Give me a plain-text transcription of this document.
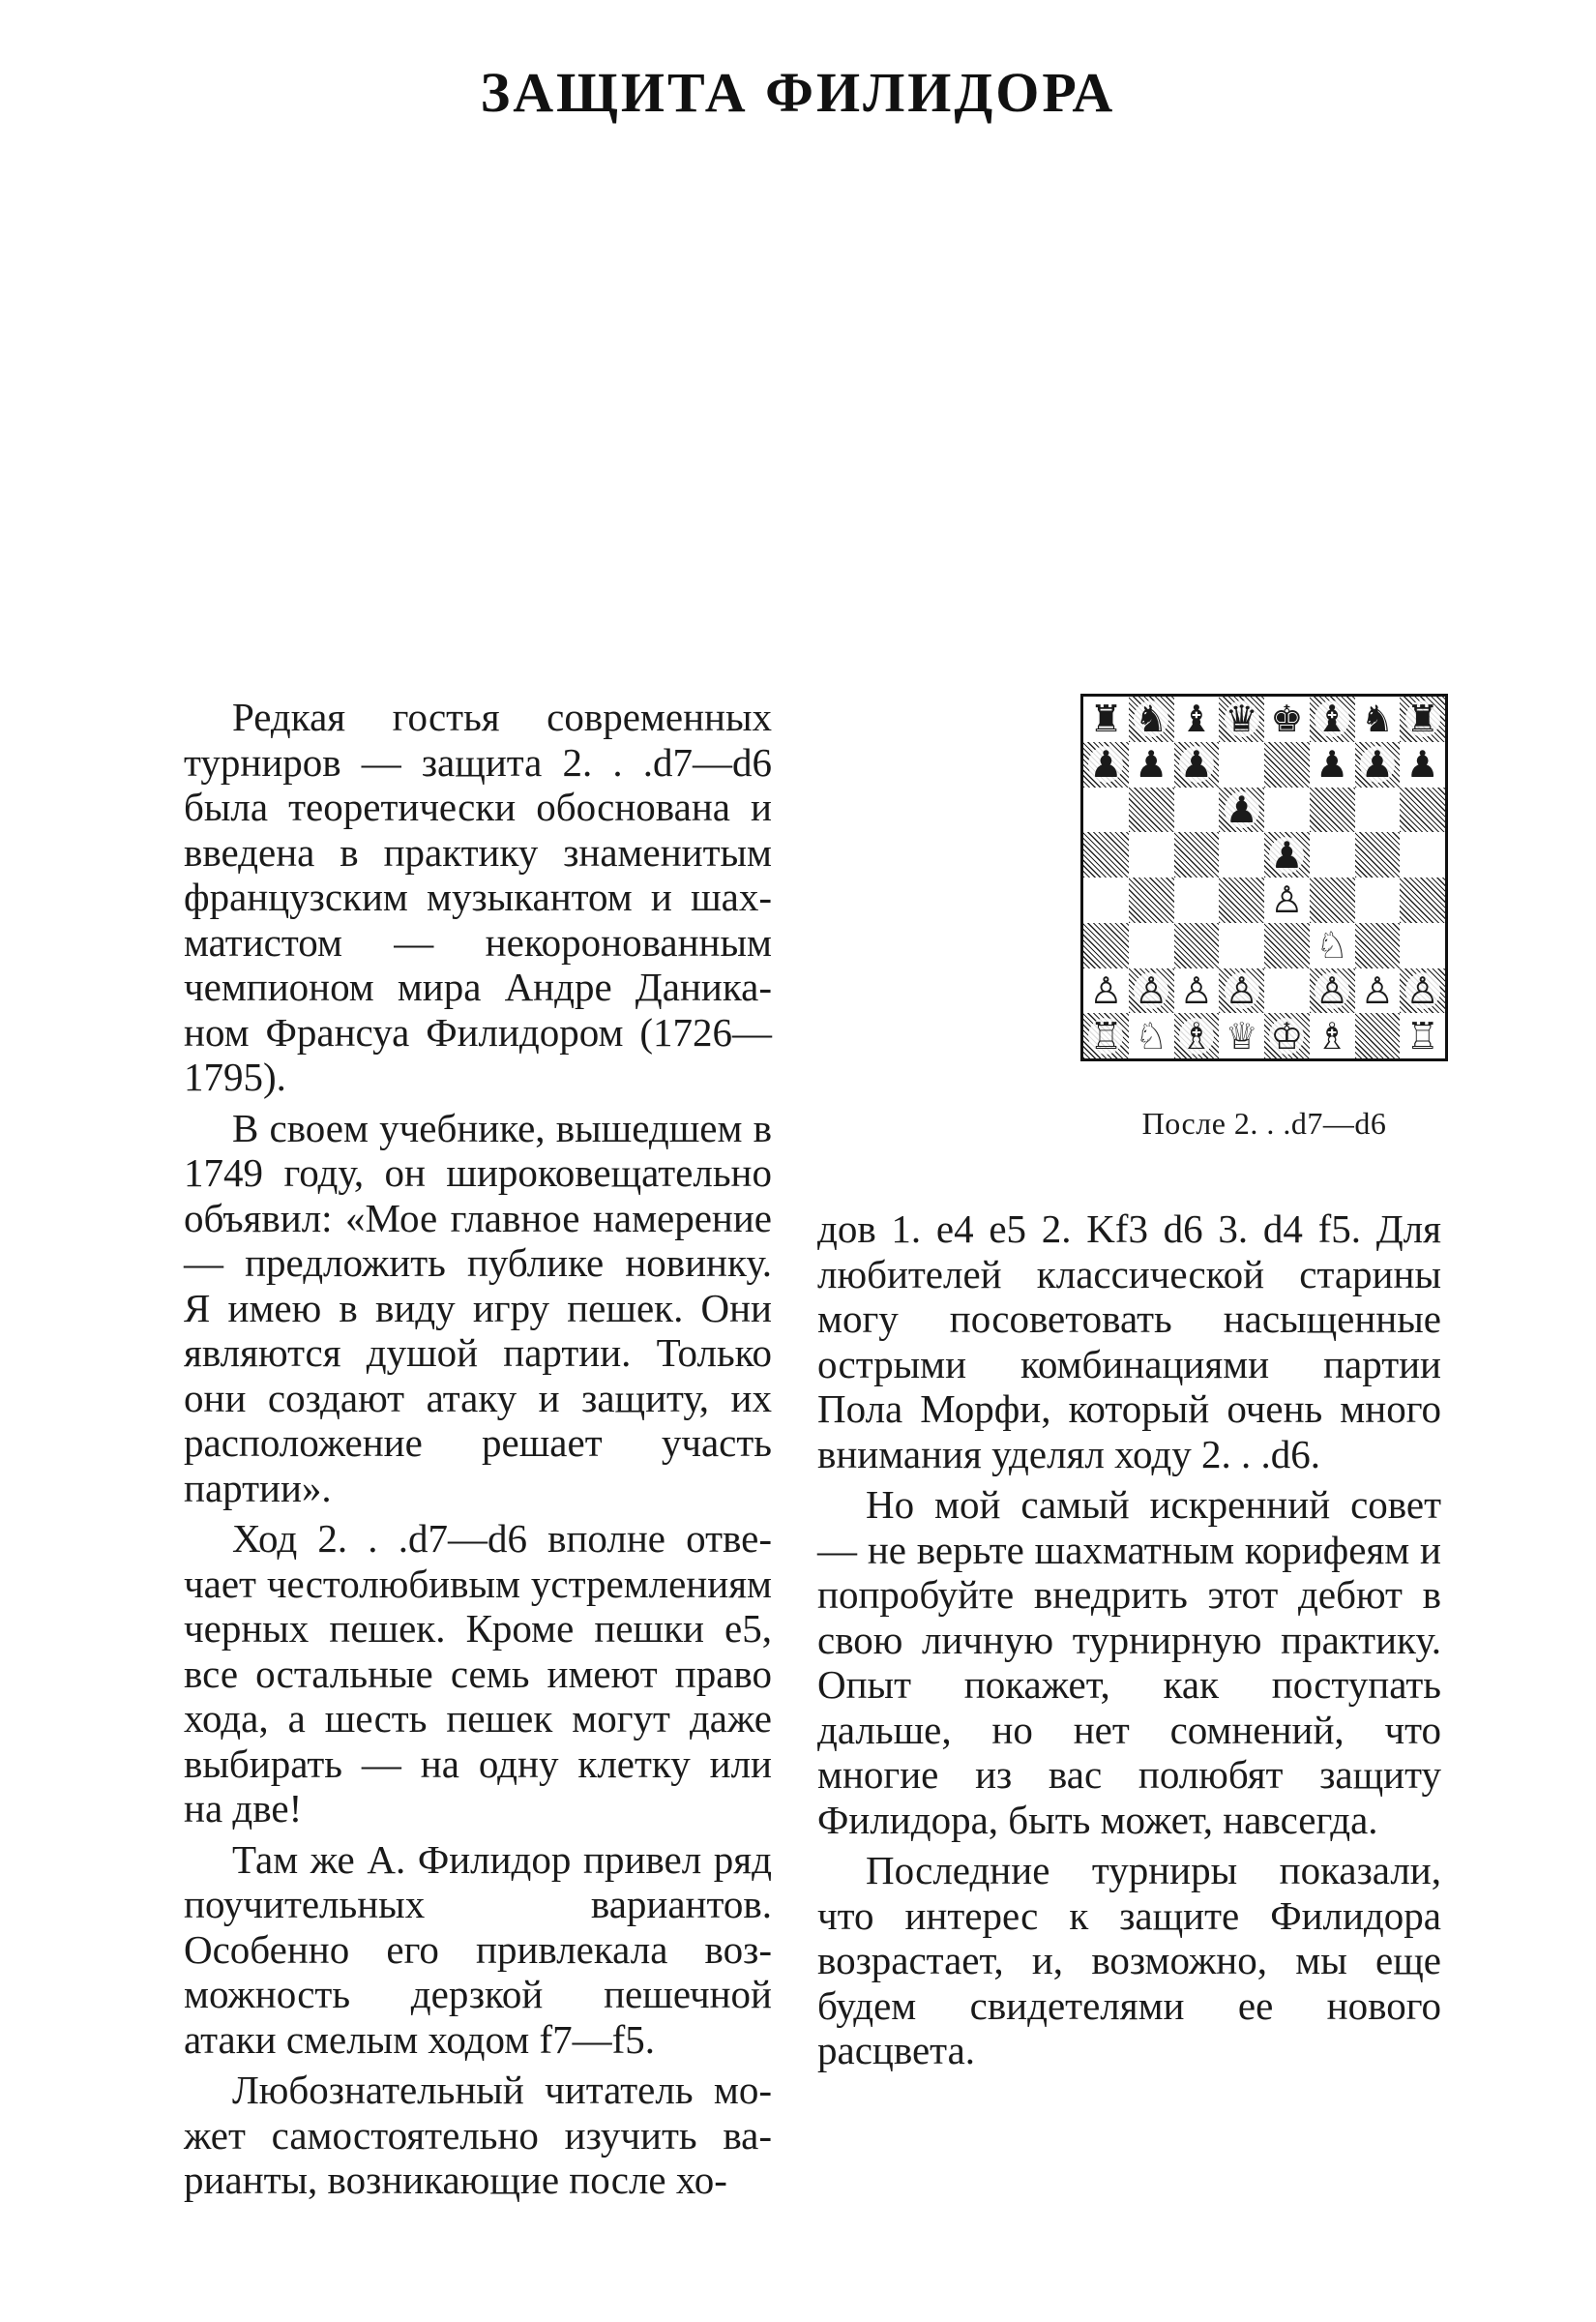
ЗАЩИТА ФИЛИДОРА

Редкая гостья современных турниров — защита 2. . .d7—d6 была теоретически обоснована и введена в практику знаменитым французским музыкантом и шахматистом — некоронованным чемпионом мира Андре Даниканом Франсуа Филидором (1726—1795).

В своем учебнике, вышедшем в 1749 году, он широковещательно объявил: «Мое главное намерение — предложить публике новинку. Я имею в виду игру пешек. Они являются душой партии. Только они создают атаку и защиту, их расположение решает участь партии».

Ход 2. . .d7—d6 вполне отвечает честолюбивым устремлениям черных пешек. Кроме пешки е5, все остальные семь имеют право хода, а шесть пешек могут даже выбирать — на одну клетку или на две!

Там же А. Филидор привел ряд поучительных вариантов. Особенно его привлекала возможность дерзкой пешечной атаки смелым ходом f7—f5.

Любознательный читатель может самостоятельно изучить варианты, возникающие после хо-

♜ ♞ ♝ ♛ ♚ ♝ ♞ ♜
♟ ♟ ♟	♟ ♟ ♟
♟
♟
♙
♘
♙ ♙ ♙ ♙ ♙ ♙ ♙
♖ ♘ ♗ ♕ ♔ ♗ ♖
После 2. . .d7—d6

дов 1. е4 е5 2. Kf3 d6 3. d4 f5. Для любителей классической старины могу посоветовать насыщенные острыми комбинациями партии Пола Морфи, который очень много внимания уделял ходу 2. . .d6.

Но мой самый искренний совет — не верьте шахматным корифеям и попробуйте внедрить этот дебют в свою личную турнирную практику. Опыт покажет, как поступать дальше, но нет сомнений, что многие из вас полюбят защиту Филидора, быть может, навсегда.

Последние турниры показали, что интерес к защите Филидора возрастает, и, возможно, мы еще будем свидетелями ее нового расцвета.
